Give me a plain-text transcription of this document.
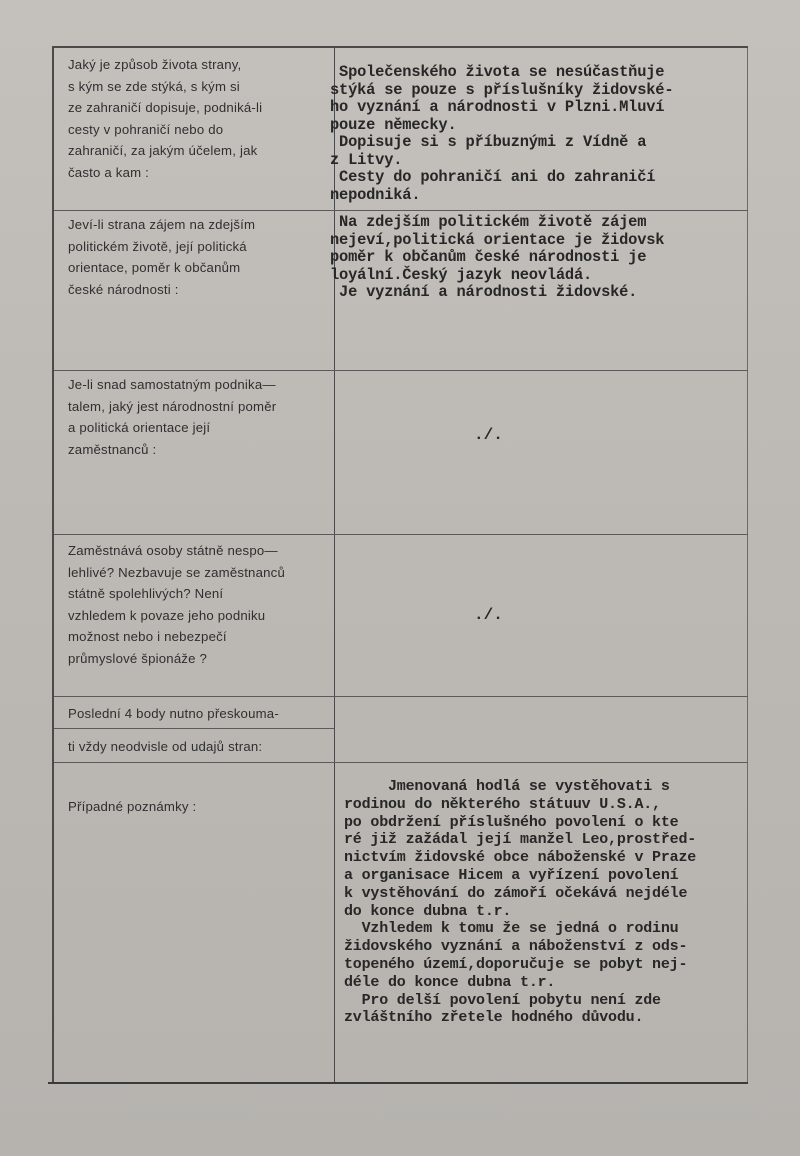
Jaký je způsob života strany,
s kým se zde stýká, s kým si
ze zahraničí dopisuje, podniká-li
cesty v pohraničí nebo do
zahraničí, za jakým účelem, jak
často a kam :
Společenského života se nesúčastňuje
stýká se pouze s příslušníky židovské-
ho vyznání a národnosti v Plzni.Mluví
pouze německy.
Dopisuje si s příbuznými z Vídně a
z Litvy.
Cesty do pohraničí ani do zahraničí
nepodniká.
Jeví-li strana zájem na zdejším
politickém životě, její politická
orientace, poměr k občanům
české národnosti :
Na zdejším politickém životě zájem
nejeví,politická orientace je židovsk
poměr k občanům české národnosti je
loyální.Český jazyk neovládá.
Je vyznání a národnosti židovské.
Je-li snad samostatným podnika—
talem, jaký jest národnostní poměr
a politická orientace její
zaměstnanců :
./.
Zaměstnává osoby státně nespo—
lehlivé? Nezbavuje se zaměstnanců
státně spolehlivých? Není
vzhledem k povaze jeho podniku
možnost nebo i nebezpečí
průmyslové špionáže ?
./.
Poslední 4 body nutno přeskouma-
ti vždy neodvisle od udajů stran:
Případné poznámky :
Jmenovaná hodlá se vystěhovati s
rodinou do některého státuuv U.S.A.,
po obdržení příslušného povolení o kte
ré již zažádal její manžel Leo,prostřed-
nictvím židovské obce náboženské v Praze
a organisace Hicem a vyřízení povolení
k vystěhování do zámoří očekává nejdéle
do konce dubna t.r.
Vzhledem k tomu že se jedná o rodinu
židovského vyznání a náboženství z ods-
topeného území,doporučuje se pobyt nej-
déle do konce dubna t.r.
Pro delší povolení pobytu není zde
zvláštního zřetele hodného důvodu.
